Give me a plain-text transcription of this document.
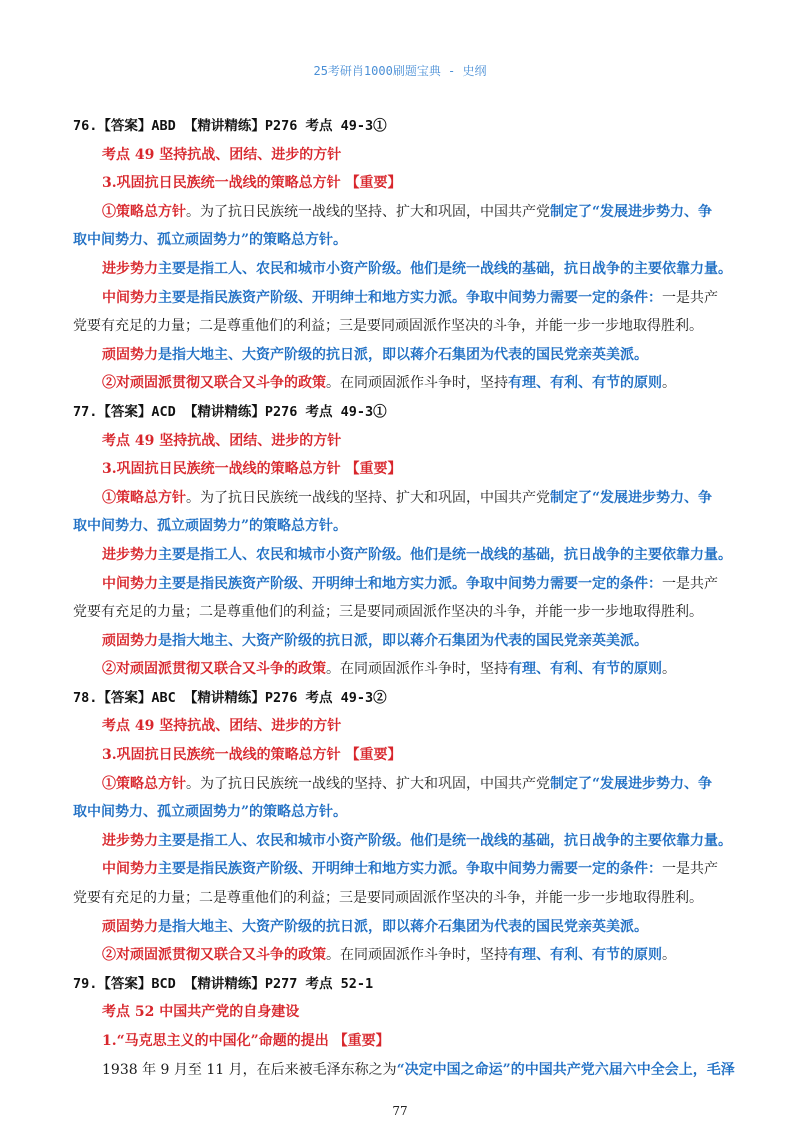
25考研肖1000刷题宝典 - 史纲
76.【答案】ABD 【精讲精练】P276 考点 49-3①
考点 49 坚持抗战、团结、进步的方针
3.巩固抗日民族统一战线的策略总方针 【重要】
①策略总方针。为了抗日民族统一战线的坚持、扩大和巩固，中国共产党制定了“发展进步势力、争
取中间势力、孤立顽固势力”的策略总方针。
进步势力主要是指工人、农民和城市小资产阶级。他们是统一战线的基础，抗日战争的主要依靠力量。
中间势力主要是指民族资产阶级、开明绅士和地方实力派。争取中间势力需要一定的条件：一是共产
党要有充足的力量；二是尊重他们的利益；三是要同顽固派作坚决的斗争，并能一步一步地取得胜利。
顽固势力是指大地主、大资产阶级的抗日派，即以蒋介石集团为代表的国民党亲英美派。
②对顽固派贯彻又联合又斗争的政策。在同顽固派作斗争时，坚持有理、有利、有节的原则。
77.【答案】ACD 【精讲精练】P276 考点 49-3①
考点 49 坚持抗战、团结、进步的方针
3.巩固抗日民族统一战线的策略总方针 【重要】
①策略总方针。为了抗日民族统一战线的坚持、扩大和巩固，中国共产党制定了“发展进步势力、争
取中间势力、孤立顽固势力”的策略总方针。
进步势力主要是指工人、农民和城市小资产阶级。他们是统一战线的基础，抗日战争的主要依靠力量。
中间势力主要是指民族资产阶级、开明绅士和地方实力派。争取中间势力需要一定的条件：一是共产
党要有充足的力量；二是尊重他们的利益；三是要同顽固派作坚决的斗争，并能一步一步地取得胜利。
顽固势力是指大地主、大资产阶级的抗日派，即以蒋介石集团为代表的国民党亲英美派。
②对顽固派贯彻又联合又斗争的政策。在同顽固派作斗争时，坚持有理、有利、有节的原则。
78.【答案】ABC 【精讲精练】P276 考点 49-3②
考点 49 坚持抗战、团结、进步的方针
3.巩固抗日民族统一战线的策略总方针 【重要】
①策略总方针。为了抗日民族统一战线的坚持、扩大和巩固，中国共产党制定了“发展进步势力、争
取中间势力、孤立顽固势力”的策略总方针。
进步势力主要是指工人、农民和城市小资产阶级。他们是统一战线的基础，抗日战争的主要依靠力量。
中间势力主要是指民族资产阶级、开明绅士和地方实力派。争取中间势力需要一定的条件：一是共产
党要有充足的力量；二是尊重他们的利益；三是要同顽固派作坚决的斗争，并能一步一步地取得胜利。
顽固势力是指大地主、大资产阶级的抗日派，即以蒋介石集团为代表的国民党亲英美派。
②对顽固派贯彻又联合又斗争的政策。在同顽固派作斗争时，坚持有理、有利、有节的原则。
79.【答案】BCD 【精讲精练】P277 考点 52-1
考点 52 中国共产党的自身建设
1.“马克思主义的中国化”命题的提出 【重要】
1938 年 9 月至 11 月，在后来被毛泽东称之为“决定中国之命运”的中国共产党六届六中全会上，毛泽
77
